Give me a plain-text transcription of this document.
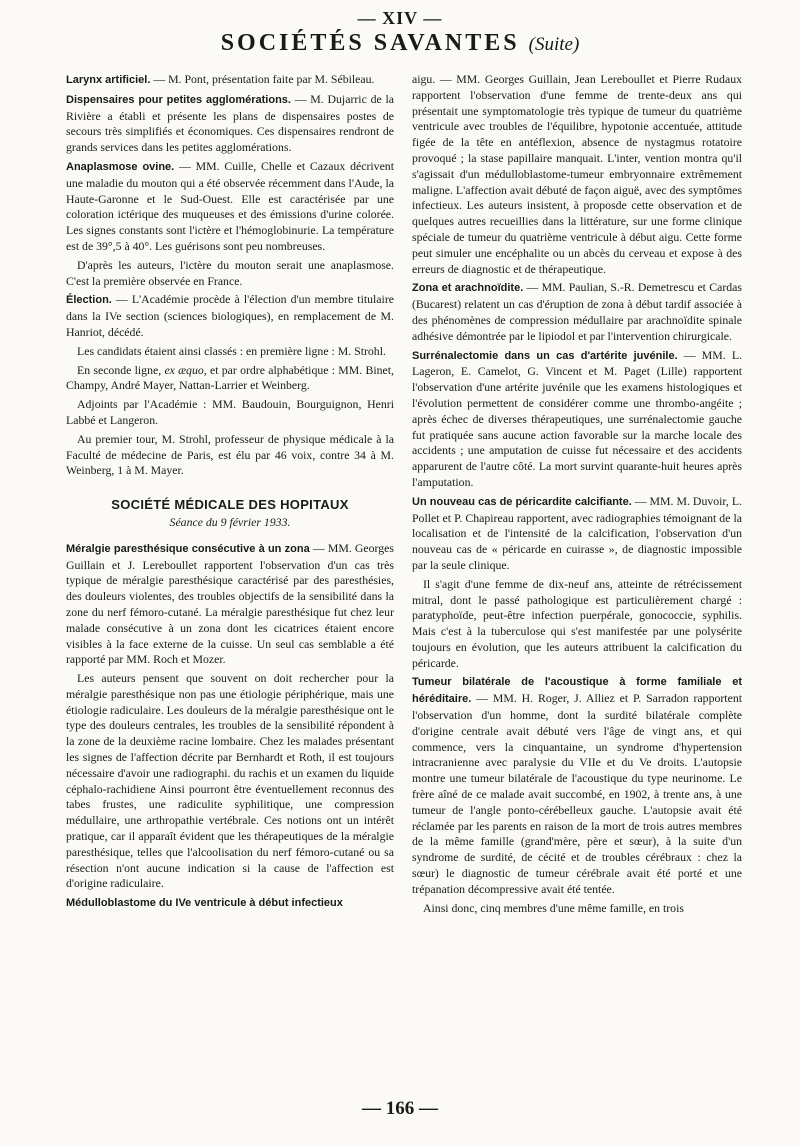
— XIV —
SOCIÉTÉS SAVANTES (Suite)

Larynx artificiel. — M. Pont, présentation faite par M. Sébileau.

Dispensaires pour petites agglomérations. — M. Dujarric de la Rivière a établi et présente les plans de dispensaires postes de secours très simplifiés et économiques. Ces dispensaires rendront de grands services dans les petites agglomérations.

Anaplasmose ovine. — MM. Cuille, Chelle et Cazaux décrivent une maladie du mouton qui a été observée récemment dans l'Aude, la Haute-Garonne et le Sud-Ouest. Elle est caractérisée par une coloration ictérique des muqueuses et des émissions d'urine colorée. Les signes constants sont l'ictère et l'hémoglobinurie. La température est de 39°,5 à 40°. Les guérisons sont peu nombreuses.

D'après les auteurs, l'ictère du mouton serait une anaplasmose. C'est la première observée en France.

Élection. — L'Académie procède à l'élection d'un membre titulaire dans la IVe section (sciences biologiques), en remplacement de M. Hanriot, décédé.

Les candidats étaient ainsi classés : en première ligne : M. Strohl.

En seconde ligne, ex æquo, et par ordre alphabétique : MM. Binet, Champy, André Mayer, Nattan-Larrier et Weinberg.

Adjoints par l'Académie : MM. Baudouin, Bourguignon, Henri Labbé et Langeron.

Au premier tour, M. Strohl, professeur de physique médicale à la Faculté de médecine de Paris, est élu par 46 voix, contre 34 à M. Weinberg, 1 à M. Mayer.

SOCIÉTÉ MÉDICALE DES HOPITAUX

Séance du 9 février 1933.

Méralgie paresthésique consécutive à un zona — MM. Georges Guillain et J. Lereboullet rapportent l'observation d'un cas très typique de méralgie paresthésique caractérisé par des paresthésies, des douleurs violentes, des troubles objectifs de la sensibilité dans la zone du nerf fémoro-cutané. La méralgie paresthésique fut chez leur malade consécutive à un zona dont les cicatrices étaient encore visibles à la face externe de la cuisse. Un seul cas semblable a été rapporté par MM. Roch et Mozer.

Les auteurs pensent que souvent on doit rechercher pour la méralgie paresthésique non pas une étiologie périphérique, mais une étiologie radiculaire. Les douleurs de la méralgie paresthésique ont le type des douleurs centrales, les troubles de la sensibilité répondent à la zone de la deuxième racine lombaire. Chez les malades présentant les signes de l'affection décrite par Bernhardt et Roth, il est toujours nécessaire d'avoir une radiographi. du rachis et un examen du liquide céphalo-rachidiene Ainsi pourront être éventuellement reconnus des tabes frustes, une radiculite syphilitique, une compression médullaire, une arthropathie vertébrale. Ces notions ont un intérêt pratique, car il apparaît évident que les thérapeutiques de la méralgie paresthésique, telles que l'alcoolisation du nerf fémoro-cutané ou sa résection n'ont aucune indication si la cause de l'affection est d'origine radiculaire.

Médulloblastome du IVe ventricule à début infectieux

aigu. — MM. Georges Guillain, Jean Lereboullet et Pierre Rudaux rapportent l'observation d'une femme de trente-deux ans qui présentait une symptomatologie très typique de tumeur du quatrième ventricule avec troubles de l'équilibre, hypotonie accentuée, attitude figée de la tête en antéflexion, absence de nystagmus rotatoire provoqué ; la stase papillaire manquait. L'inter, vention montra qu'il s'agissait d'un médulloblastome-tumeur embryonnaire extrêmement maligne. L'affection avait débuté de façon aiguë, avec des symptômes infectieux. Les auteurs insistent, à proposde cette observation et de quelques autres recueillies dans la littérature, sur une forme clinique spéciale de tumeur du quatrième ventricule à début aigu. Cette forme peut simuler une encéphalite ou un abcès du cerveau et expose à des erreurs de diagnostic et de thérapeutique.

Zona et arachnoïdite. — MM. Paulian, S.-R. Demetrescu et Cardas (Bucarest) relatent un cas d'éruption de zona à début tardif associée à des phénomènes de compression médullaire par arachnoïdite spinale adhésive démontrée par le lipiodol et par l'intervention chirurgicale.

Surrénalectomie dans un cas d'artérite juvénile. — MM. L. Lageron, E. Camelot, G. Vincent et M. Paget (Lille) rapportent l'observation d'une artérite juvénile que les examens histologiques et l'évolution permettent de considérer comme une thrombo-angéite ; après échec de diverses thérapeutiques, une surrénalectomie gauche fut pratiquée sans aucune action favorable sur la marche locale des accidents ; une amputation de cuisse fut nécessaire et des accidents apparurent de l'autre côté. La mort survint quarante-huit heures après l'amputation.

Un nouveau cas de péricardite calcifiante. — MM. M. Duvoir, L. Pollet et P. Chapireau rapportent, avec radiographies témoignant de la localisation et de l'intensité de la calcification, l'observation d'un nouveau cas de « péricarde en cuirasse », de diagnostic impossible par la seule clinique.

Il s'agit d'une femme de dix-neuf ans, atteinte de rétrécissement mitral, dont le passé pathologique est particulièrement chargé : paratyphoïde, peut-être infection puerpérale, gonococcie, syphilis. Mais c'est à la tuberculose qui s'est manifestée par une polysérite toujours en évolution, que les auteurs attribuent la calcification du péricarde.

Tumeur bilatérale de l'acoustique à forme familiale et héréditaire. — MM. H. Roger, J. Alliez et P. Sarradon rapportent l'observation d'un homme, dont la surdité bilatérale complète d'origine centrale avait débuté vers l'âge de vingt ans, et qui commence, vers la cinquantaine, un syndrome d'hypertension intracranienne avec paralysie du VIIe et du Ve droits. L'autopsie montre une tumeur bilatérale de l'acoustique du type neurinome. Le frère aîné de ce malade avait succombé, en 1902, à trente ans, à une tumeur de l'angle ponto-cérébelleux gauche. L'autopsie avait été réclamée par les parents en raison de la mort de trois autres membres de la même famille (grand'mère, père et sœur), à la suite d'un syndrome de surdité, de cécité et de troubles cérébraux : chez la sœur) le diagnostic de tumeur cérébrale avait été porté et une trépanation décompressive avait été tentée.

Ainsi donc, cinq membres d'une même famille, en trois

— 166 —
